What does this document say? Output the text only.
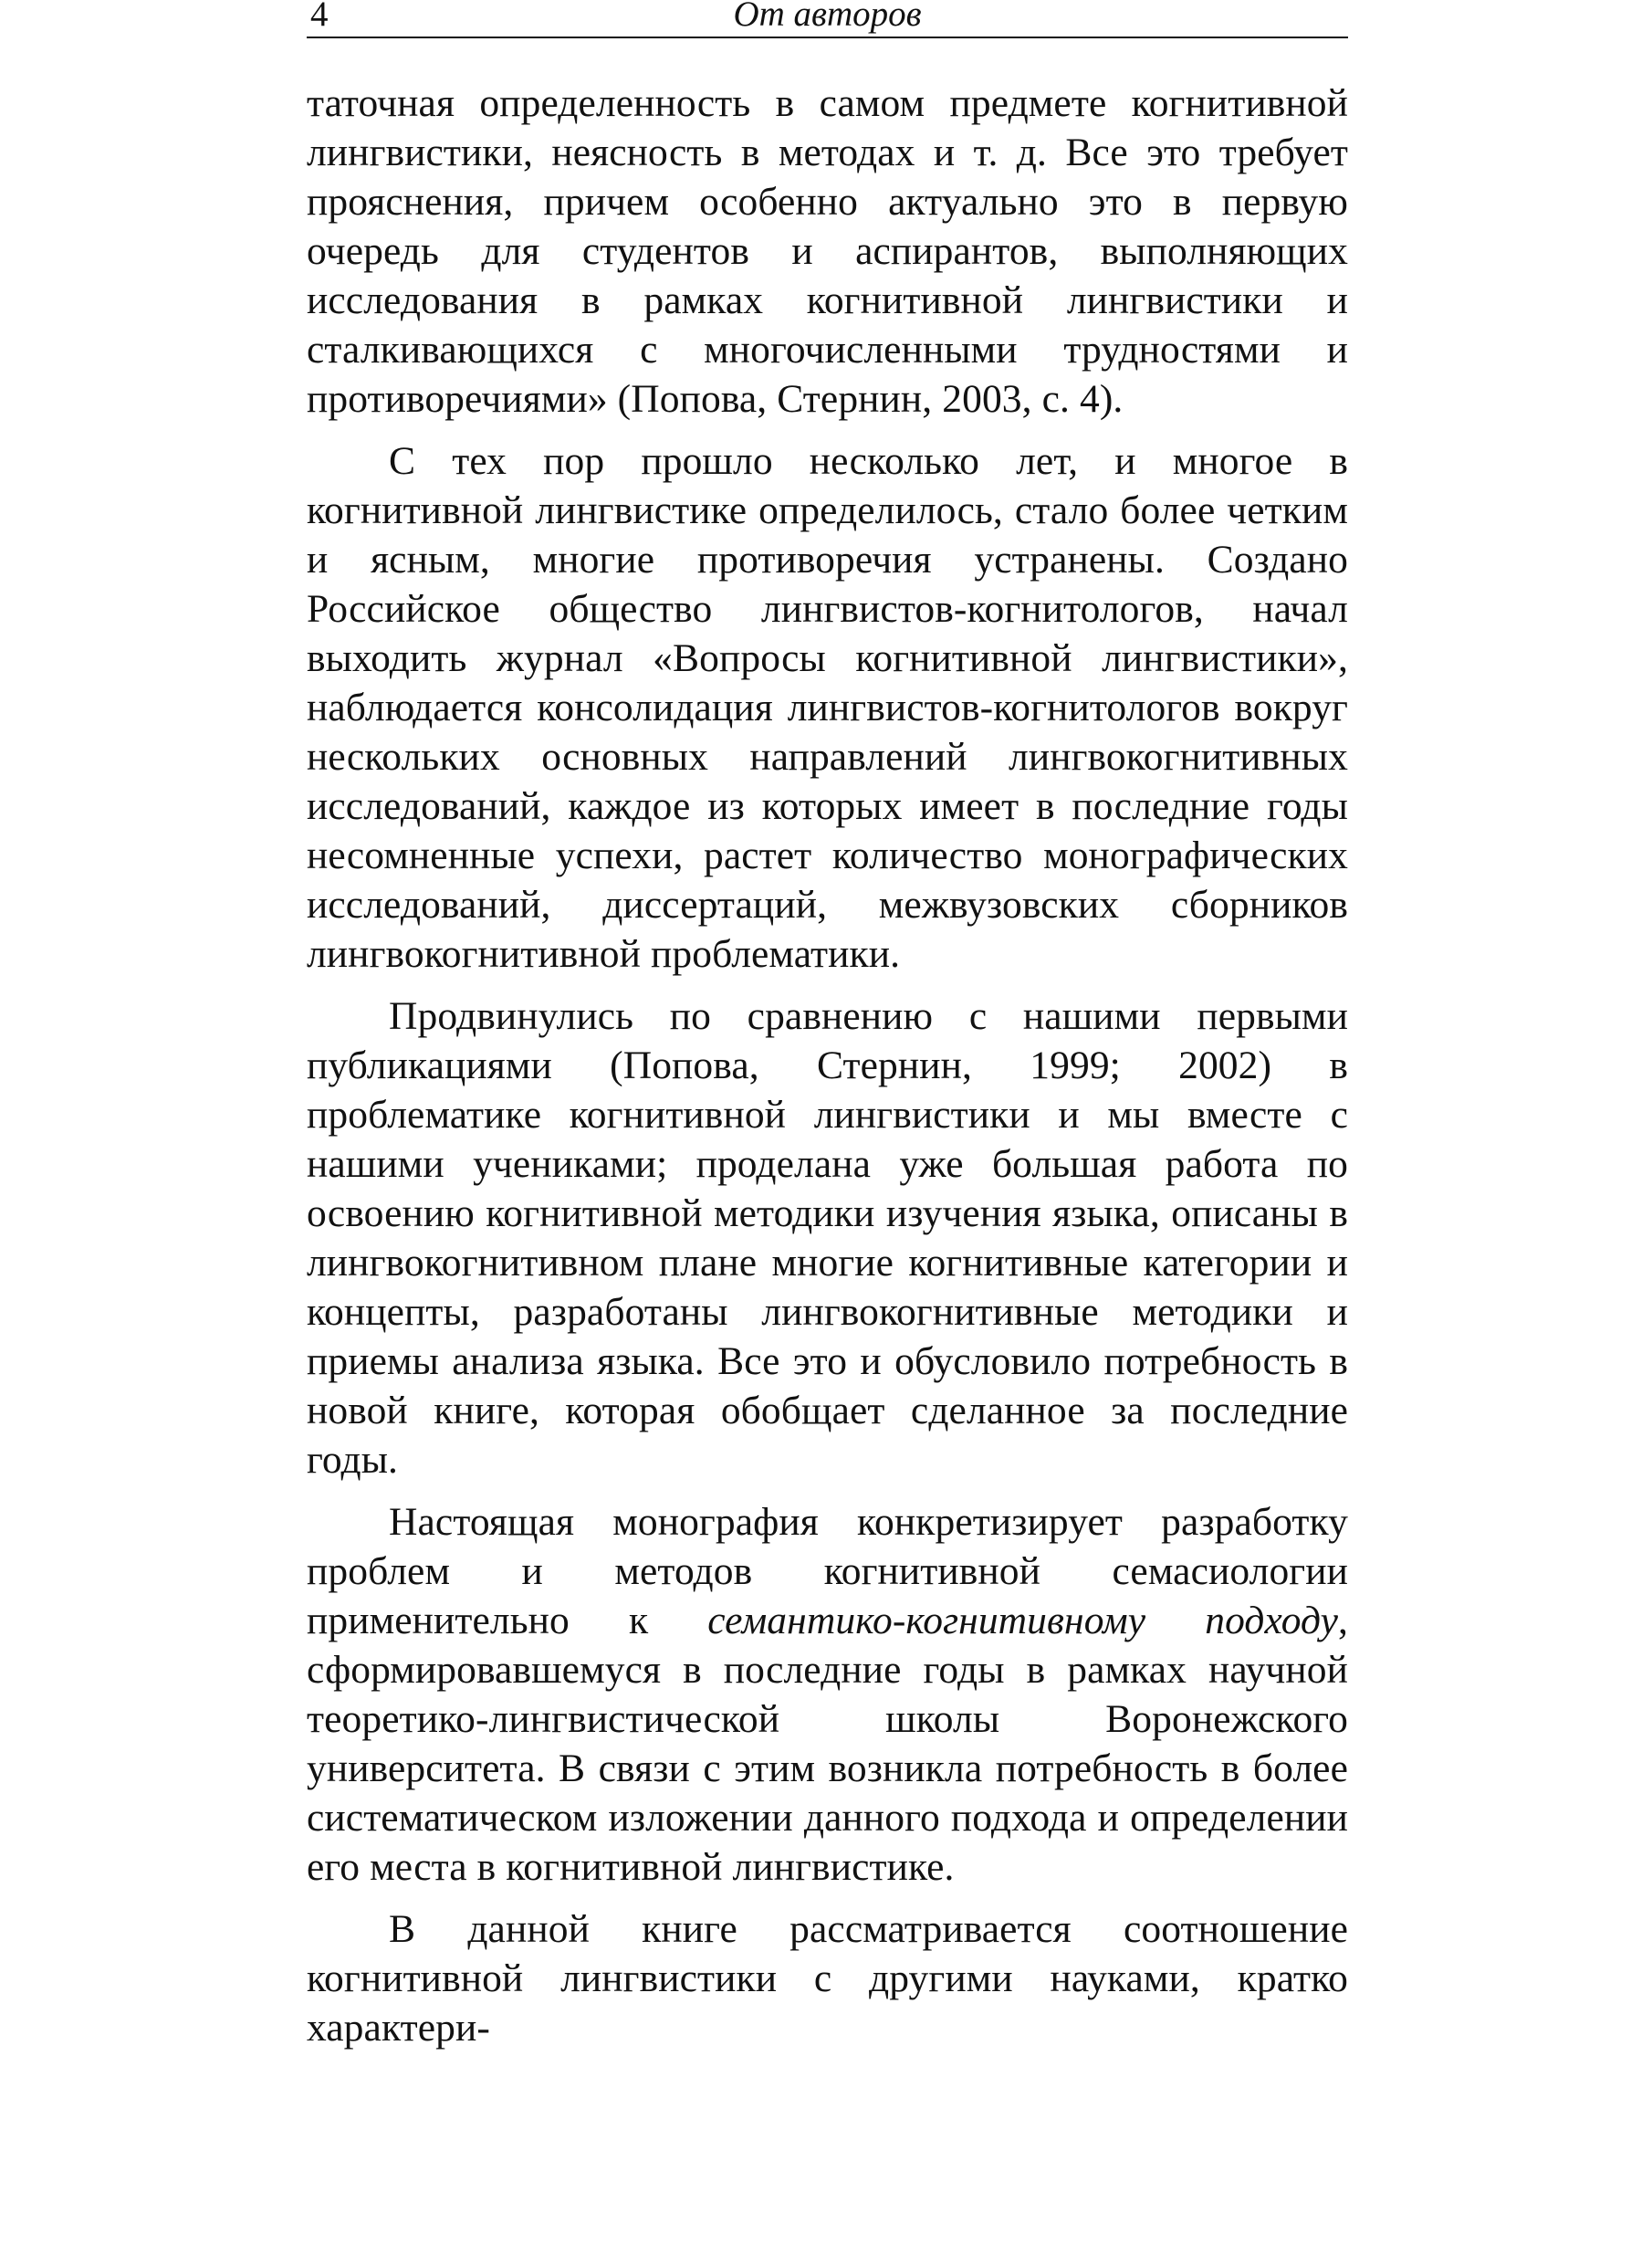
4	От авторов

таточная определенность в самом предмете когнитивной лингвистики, неясность в методах и т. д. Все это требует прояснения, причем особенно актуально это в первую очередь для студентов и аспирантов, выполняющих исследования в рамках когнитивной лингвистики и сталкивающихся с многочисленными трудностями и противоречиями» (Попова, Стернин, 2003, с. 4).

С тех пор прошло несколько лет, и многое в когнитивной лингвистике определилось, стало более четким и ясным, многие противоречия устранены. Создано Российское общество лингвистов-когнитологов, начал выходить журнал «Вопросы когнитивной лингвистики», наблюдается консолидация лингвистов-когнитологов вокруг нескольких основных направлений лингвокогнитивных исследований, каждое из которых имеет в последние годы несомненные успехи, растет количество монографических исследований, диссертаций, межвузовских сборников лингвокогнитивной проблематики.

Продвинулись по сравнению с нашими первыми публикациями (Попова, Стернин, 1999; 2002) в проблематике когнитивной лингвистики и мы вместе с нашими учениками; проделана уже большая работа по освоению когнитивной методики изучения языка, описаны в лингвокогнитивном плане многие когнитивные категории и концепты, разработаны лингвокогнитивные методики и приемы анализа языка. Все это и обусловило потребность в новой книге, которая обобщает сделанное за последние годы.

Настоящая монография конкретизирует разработку проблем и методов когнитивной семасиологии применительно к семантико-когнитивному подходу, сформировавшемуся в последние годы в рамках научной теоретико-лингвистической школы Воронежского университета. В связи с этим возникла потребность в более систематическом изложении данного подхода и определении его места в когнитивной лингвистике.

В данной книге рассматривается соотношение когнитивной лингвистики с другими науками, кратко характери-
